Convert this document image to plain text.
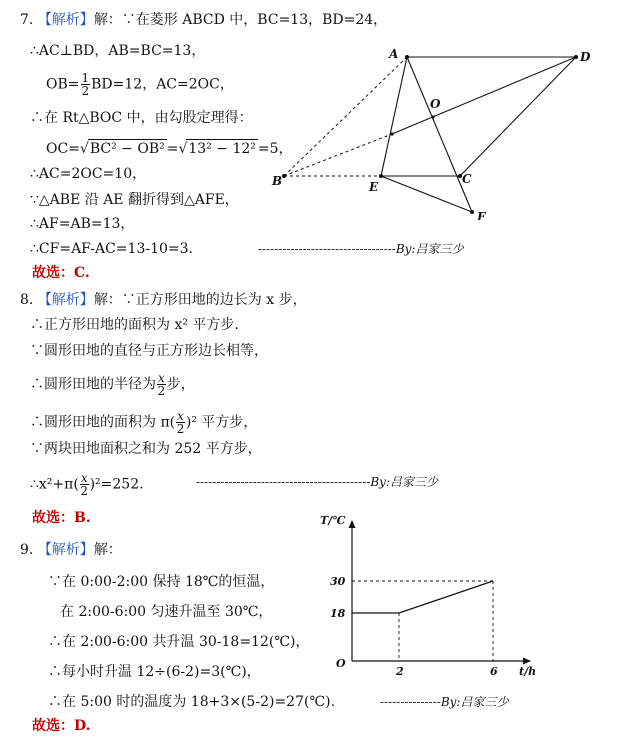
7. 【解析】解：∵在菱形 ABCD 中，BC=13，BD=24，
∴AC⊥BD，AB=BC=13，
$OB= \frac{1}{2} BD=12$，AC=2OC，
∴在 Rt△BOC 中，由勾股定理得：
OC=√BC² − OB² =√13² − 12² =5，
∴AC=2OC=10，
∵△ABE 沿 AE 翻折得到△AFE，
∴AF=AB=13，
∴CF=AF-AC=13-10=3.	----------------------------------By:吕家三少
故选：C.
A	D
O
B	E
C
F
8. 【解析】解：∵正方形田地的边长为 x 步，
∴正方形田地的面积为 x² 平方步.
∵圆形田地的直径与正方形边长相等，
∴圆形田地的半径为 $\frac{x}{2}$ 步，
∴圆形田地的面积为 $\pi( \frac{x}{2} )^2$ 平方步，
∵两块田地面积之和为 252 平方步，
∴x²+π( $\frac{x}{2} )^2=252$.	-------------------------------------------By:吕家三少
故选：B.
9. 【解析】解：
∵在 0:00-2:00 保持 18℃的恒温，
在 2:00-6:00 匀速升温至 30℃，
∴在 2:00-6:00 共升温 30-18=12(℃)，
∴每小时升温 12÷(6-2)=3(℃)，
∴在 5:00 时的温度为 18+3×(5-2)=27(℃).	---------------By:吕家三少
故选：D.
2	6
18
30
O
t/h
T/℃
